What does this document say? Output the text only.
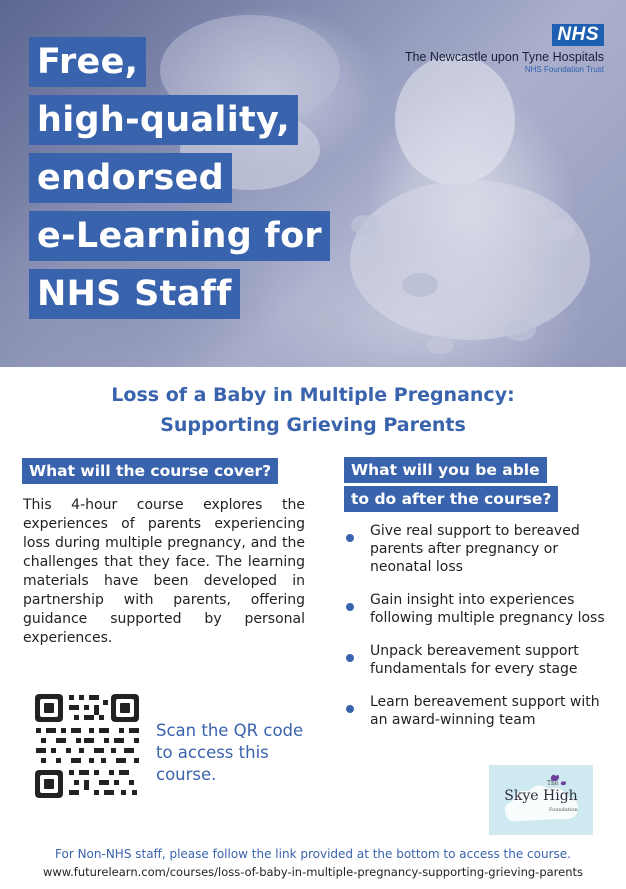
Free,
high-quality,
endorsed
e-Learning for
NHS Staff
NHS
The Newcastle upon Tyne Hospitals
NHS Foundation Trust
Loss of a Baby in Multiple Pregnancy:
Supporting Grieving Parents
What will the course cover?

This 4-hour course explores the experiences of parents experiencing loss during multiple pregnancy, and the challenges that they face. The learning materials have been developed in partnership with parents, offering guidance supported by personal experiences.

What will you be able
to do after the course?
Give real support to bereaved parents after pregnancy or neonatal loss
Gain insight into experiences following multiple pregnancy loss
Unpack bereavement support fundamentals for every stage
Learn bereavement support with an award-winning team
Scan the QR code to access this course.	The
Skye High
Foundation
For Non-NHS staff, please follow the link provided at the bottom to access the course.
www.futurelearn.com/courses/loss-of-baby-in-multiple-pregnancy-supporting-grieving-parents
